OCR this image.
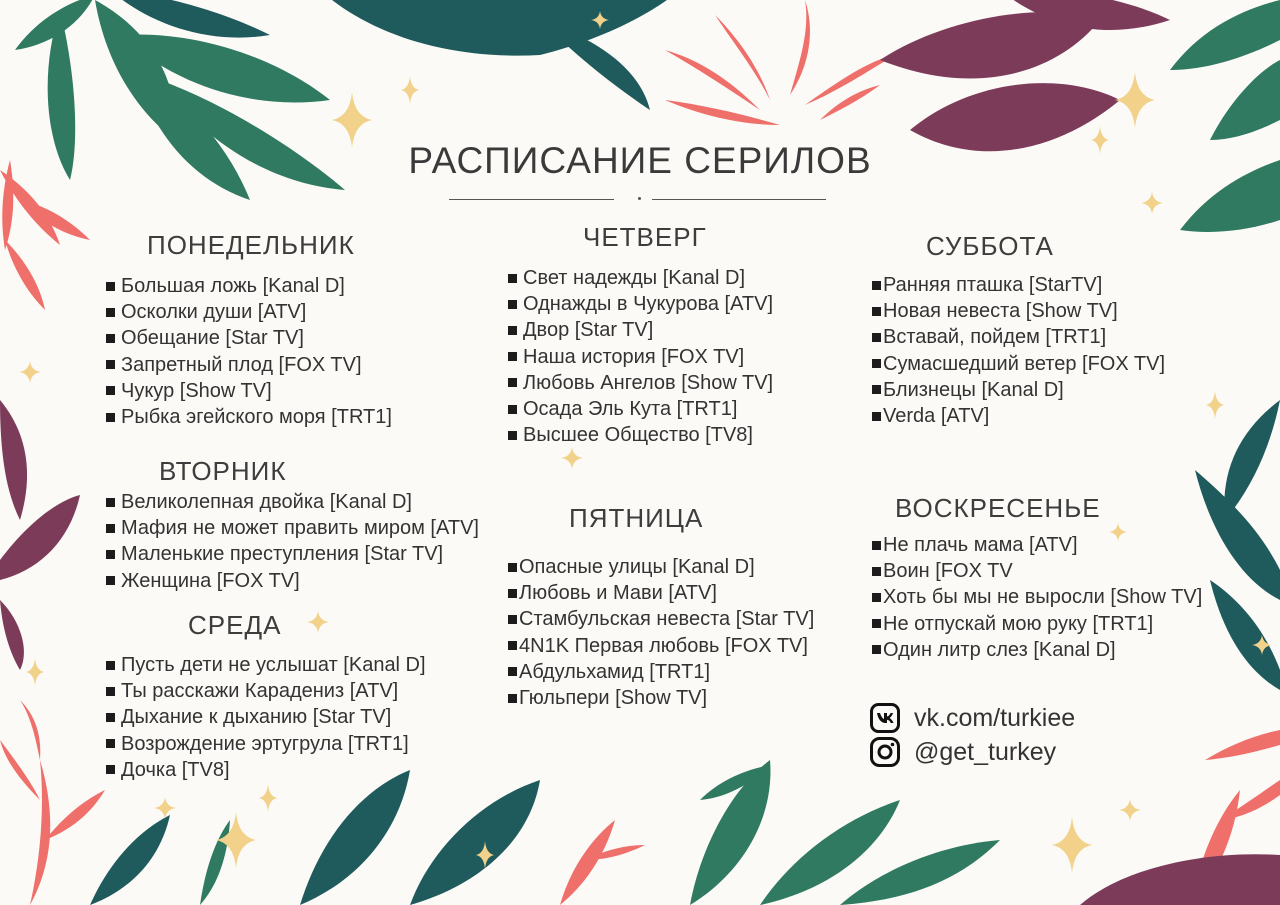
РАСПИСАНИЕ СЕРИЛОВ
ПОНЕДЕЛЬНИК
Большая ложь [Kanal D]
Осколки души [ATV]
Обещание [Star TV]
Запретный плод [FOX TV]
Чукур [Show TV]
Рыбка эгейского моря [TRT1]
ВТОРНИК
Великолепная двойка [Kanal D]
Мафия не может править миром [ATV]
Маленькие преступления [Star TV]
Женщина [FOX TV]
СРЕДА
Пусть дети не услышат [Kanal D]
Ты расскажи Карадениз [ATV]
Дыхание к дыханию [Star TV]
Возрождение эртугрула [TRT1]
Дочка [TV8]
ЧЕТВЕРГ
Свет надежды [Kanal D]
Однажды в Чукурова [ATV]
Двор [Star TV]
Наша история [FOX TV]
Любовь Ангелов [Show TV]
Осада Эль Кута [TRT1]
Высшее Общество [TV8]
ПЯТНИЦА
Опасные улицы [Kanal D]
Любовь и Мави [ATV]
Стамбульская невеста [Star TV]
4N1K Первая любовь [FOX TV]
Абдульхамид [TRT1]
Гюльпери [Show TV]
СУББОТА
Ранняя пташка [StarTV]
Новая невеста [Show TV]
Вставай, пойдем [TRT1]
Сумасшедший ветер [FOX TV]
Близнецы [Kanal D]
Verda [ATV]
ВОСКРЕСЕНЬЕ
Не плачь мама [ATV]
Воин [FOX TV
Хоть бы мы не выросли [Show TV]
Не отпускай мою руку [TRT1]
Один литр слез [Kanal D]
vk.com/turkiee
@get_turkey
